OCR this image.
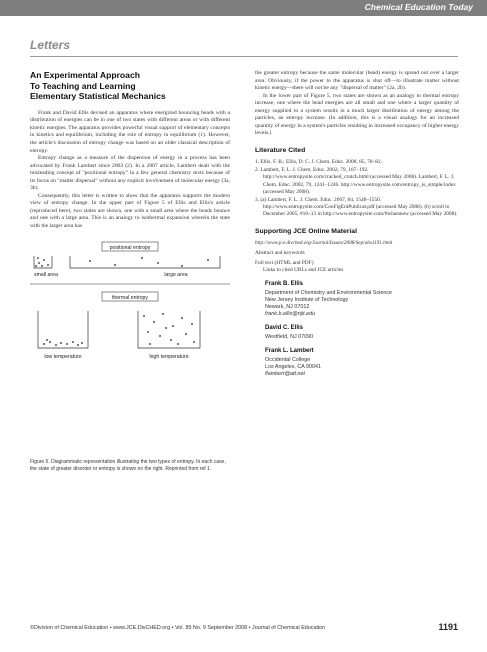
Chemical Education Today
Letters
An Experimental Approach
To Teaching and Learning
Elementary Statistical Mechanics

Frank and David Ellis devised an apparatus where energized bouncing beads with a distribution of energies can be in one of two states with different areas or with different kinetic energies. The apparatus provides powerful visual support of elementary concepts in kinetics and equilibrium, including the role of entropy in equilibrium (1). However, the article's discussion of entropy change was based on an older classical description of entropy.

Entropy change as a measure of the dispersion of energy in a process has been advocated by Frank Lambert since 2002 (2). In a 2007 article, Lambert dealt with the misleading concept of "positional entropy" in a few general chemistry texts because of its focus on "matter dispersal" without any explicit involvement of molecular energy (3a, 3b).

Consequently, this letter is written to show that the apparatus supports the modern view of entropy change. In the upper part of Figure 5 of Ellis and Ellis's article (reproduced here), two states are shown, one with a small area where the beads bounce and one with a large area. This is an analogy to isothermal expansion wherein the state with the larger area has

positional entropy
small area	large area
thermal entropy
low temperature	high temperature
Figure 5. Diagrammatic representation illustrating the two types of entropy. In each case, the state of greater disorder or entropy is shown on the right. Reprinted from ref 1.

the greater entropy because the same molecular (bead) energy is spread out over a larger area. Obviously, if the power to the apparatus is shut off—to illustrate matter without kinetic energy—there will not be any "dispersal of matter" (2a, 2b).

In the lower part of Figure 5, two states are shown as an analogy to thermal entropy increase, one where the bead energies are all small and one where a larger quantity of energy supplied to a system results in a much larger distribution of energy among the particles, an entropy increase. (In addition, this is a visual analogy for an increased quantity of energy in a system's particles resulting in increased occupancy of higher energy levels.)

Literature Cited
1. Ellis, F. B.; Ellis, D. C. J. Chem. Educ. 2008, 85, 78–82.
2. Lambert, F. L. J. Chem. Educ. 2002, 79, 187–192. http://www.entropysite.com/cracked_crutch.html (accessed May 2008). Lambert, F. L. J. Chem. Educ. 2002, 79, 1241–1246. http://www.entropysite.com/entropy_is_simple/index (accessed May 2008).
3. (a) Lambert, F. L. J. Chem. Educ. 2007, 84, 1548–1550. http://www.entropysite.com/ConFigEntPublicat.pdf (accessed May 2008). (b) scroll to December 2005, #10–13 in http://www.entropysite.com/#whatsnew (accessed May 2008).
Supporting JCE Online Material
http://www.jce.divched.org/Journal/Issues/2008/Sep/abs1191.html
Abstract and keywords
Full text (HTML and PDF)
Links to cited URLs and JCE articles
Frank B. Ellis
Department of Chemistry and Environmental Science
New Jersey Institute of Technology
Newark, NJ 07012
frank.b.ellis@njit.edu
David C. Ellis
Westfield, NJ 07090
Frank L. Lambert
Occidental College
Los Angeles, CA 90041
flambert@att.net
©Division of Chemical Education • www.JCE.DivCHED.org • Vol. 85 No. 9 September 2008 • Journal of Chemical Education	1191
